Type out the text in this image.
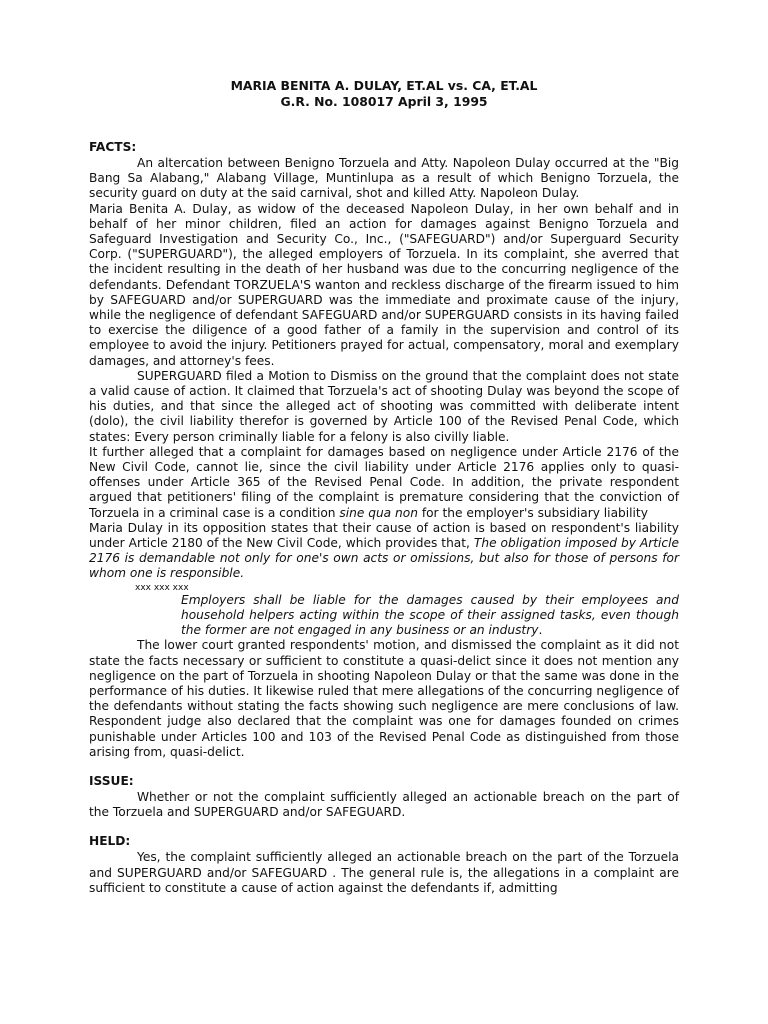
MARIA BENITA A. DULAY, ET.AL vs. CA, ET.AL
G.R. No. 108017 April 3, 1995
FACTS:

An altercation between Benigno Torzuela and Atty. Napoleon Dulay occurred at the "Big Bang Sa Alabang," Alabang Village, Muntinlupa as a result of which Benigno Torzuela, the security guard on duty at the said carnival, shot and killed Atty. Napoleon Dulay.

Maria Benita A. Dulay, as widow of the deceased Napoleon Dulay, in her own behalf and in behalf of her minor children, filed an action for damages against Benigno Torzuela and Safeguard Investigation and Security Co., Inc., ("SAFEGUARD") and/or Superguard Security Corp. ("SUPERGUARD"), the alleged employers of Torzuela. In its complaint, she averred that the incident resulting in the death of her husband was due to the concurring negligence of the defendants. Defendant TORZUELA'S wanton and reckless discharge of the firearm issued to him by SAFEGUARD and/or SUPERGUARD was the immediate and proximate cause of the injury, while the negligence of defendant SAFEGUARD and/or SUPERGUARD consists in its having failed to exercise the diligence of a good father of a family in the supervision and control of its employee to avoid the injury. Petitioners prayed for actual, compensatory, moral and exemplary damages, and attorney's fees.

SUPERGUARD filed a Motion to Dismiss on the ground that the complaint does not state a valid cause of action. It claimed that Torzuela's act of shooting Dulay was beyond the scope of his duties, and that since the alleged act of shooting was committed with deliberate intent (dolo), the civil liability therefor is governed by Article 100 of the Revised Penal Code, which states: Every person criminally liable for a felony is also civilly liable.

It further alleged that a complaint for damages based on negligence under Article 2176 of the New Civil Code, cannot lie, since the civil liability under Article 2176 applies only to quasi-offenses under Article 365 of the Revised Penal Code. In addition, the private respondent argued that petitioners' filing of the complaint is premature considering that the conviction of Torzuela in a criminal case is a condition sine qua non for the employer's subsidiary liability

Maria Dulay in its opposition states that their cause of action is based on respondent's liability under Article 2180 of the New Civil Code, which provides that, The obligation imposed by Article 2176 is demandable not only for one's own acts or omissions, but also for those of persons for whom one is responsible.

xxx xxx xxx

Employers shall be liable for the damages caused by their employees and household helpers acting within the scope of their assigned tasks, even though the former are not engaged in any business or an industry.

The lower court granted respondents' motion, and dismissed the complaint as it did not state the facts necessary or sufficient to constitute a quasi-delict since it does not mention any negligence on the part of Torzuela in shooting Napoleon Dulay or that the same was done in the performance of his duties. It likewise ruled that mere allegations of the concurring negligence of the defendants without stating the facts showing such negligence are mere conclusions of law. Respondent judge also declared that the complaint was one for damages founded on crimes punishable under Articles 100 and 103 of the Revised Penal Code as distinguished from those arising from, quasi-delict.

ISSUE:

Whether or not the complaint sufficiently alleged an actionable breach on the part of the Torzuela and SUPERGUARD and/or SAFEGUARD.

HELD:

Yes, the complaint sufficiently alleged an actionable breach on the part of the Torzuela and SUPERGUARD and/or SAFEGUARD . The general rule is, the allegations in a complaint are sufficient to constitute a cause of action against the defendants if, admitting
